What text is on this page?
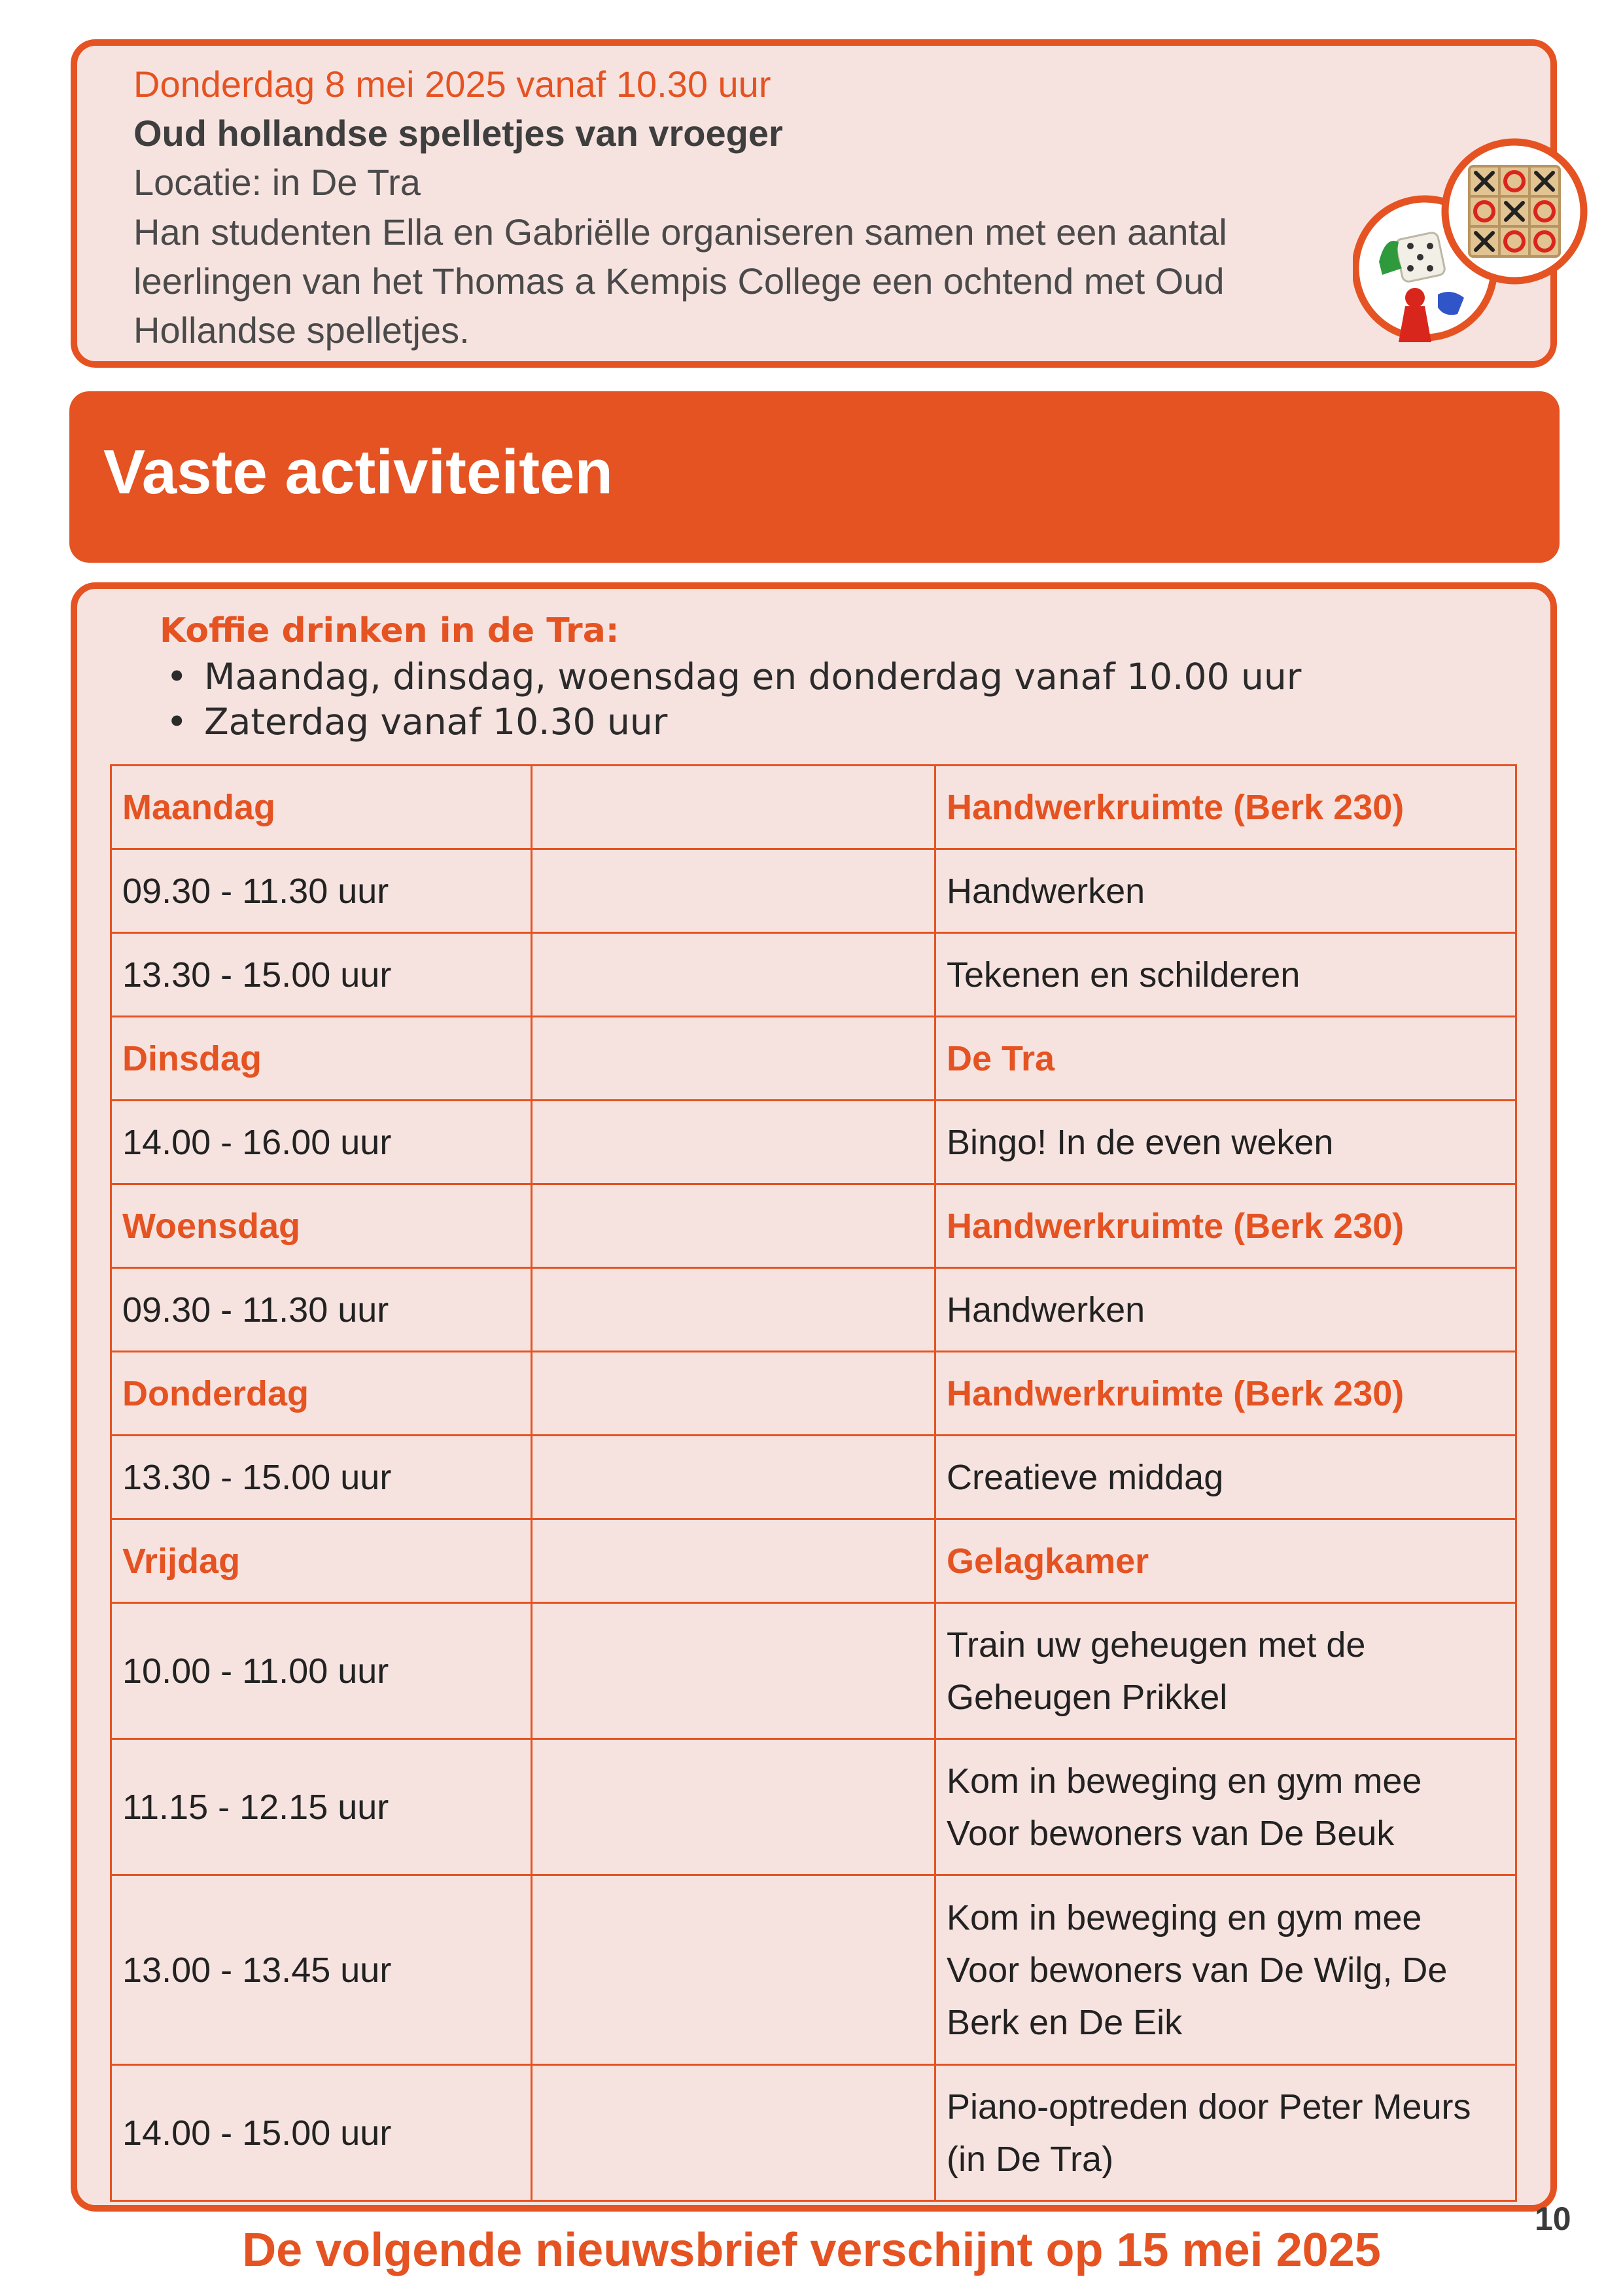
Donderdag 8 mei 2025 vanaf 10.30 uur
Oud hollandse spelletjes van vroeger
Locatie: in De Tra
Han studenten Ella en Gabriëlle organiseren samen met een aantal leerlingen van het Thomas a Kempis College een ochtend met Oud Hollandse spelletjes.
Vaste activiteiten
Koffie drinken in de Tra:
• Maandag, dinsdag, woensdag en donderdag vanaf 10.00 uur
• Zaterdag vanaf 10.30 uur
Maandag		Handwerkruimte (Berk 230)

09.30 - 11.30 uur		Handwerken

13.30 - 15.00 uur		Tekenen en schilderen

Dinsdag		De Tra

14.00 - 16.00 uur		Bingo! In de even weken

Woensdag		Handwerkruimte (Berk 230)

09.30 - 11.30 uur		Handwerken

Donderdag		Handwerkruimte (Berk 230)

13.30 - 15.00 uur		Creatieve middag

Vrijdag		Gelagkamer

10.00 - 11.00 uur		Train uw geheugen met de
Geheugen Prikkel

11.15 - 12.15 uur		Kom in beweging en gym mee
Voor bewoners van De Beuk

13.00 - 13.45 uur		Kom in beweging en gym mee
Voor bewoners van De Wilg, De
Berk en De Eik

14.00 - 15.00 uur		Piano-optreden door Peter Meurs
(in De Tra)

De volgende nieuwsbrief verschijnt op 15 mei 2025

10
